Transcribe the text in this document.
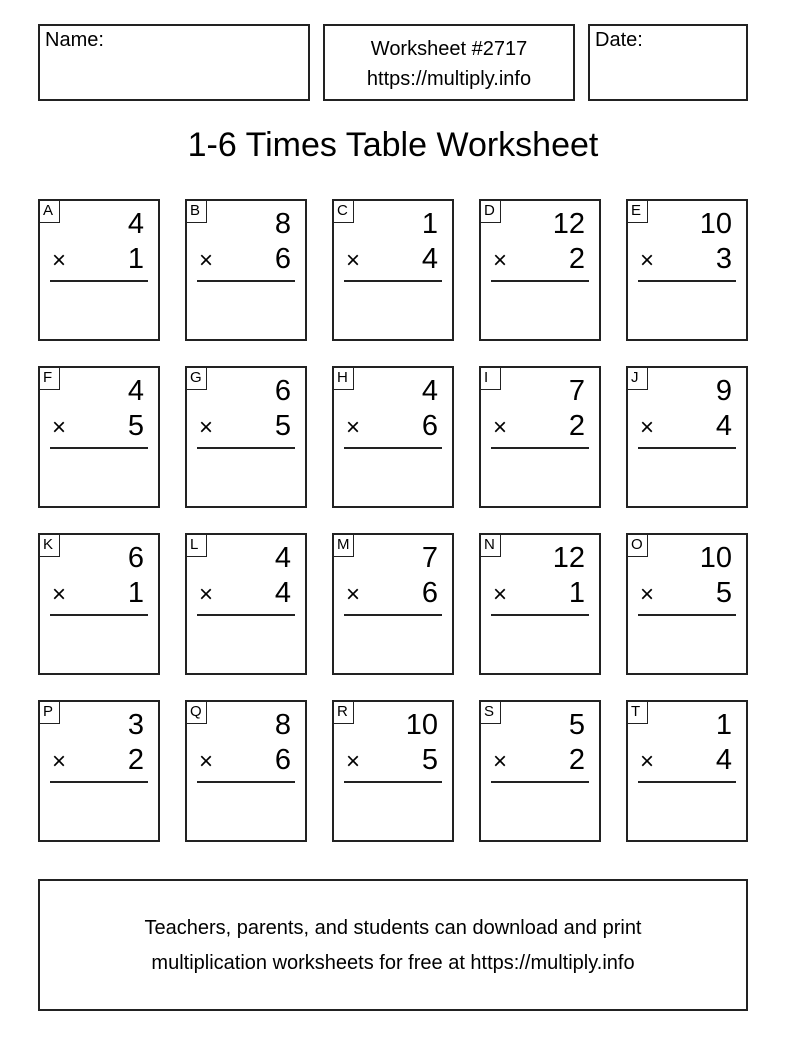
Name:	Worksheet #2717
https://multiply.info
Date:
1-6 Times Table Worksheet
A	4
× 1
B	8
× 6
C	1
× 4
D 12
× 2
E 10
× 3
F	4
× 5
G	6
× 5
H	4
× 6
I	7
× 2
J	9
× 4
K	6
× 1
L	4
× 4
M 7
× 6
N 12
× 1
O 10
× 5
P	3
× 2
Q	8
× 6
R 10
× 5
S	5
× 2
T	1
× 4
Teachers, parents, and students can download and print
multiplication worksheets for free at https://multiply.info
